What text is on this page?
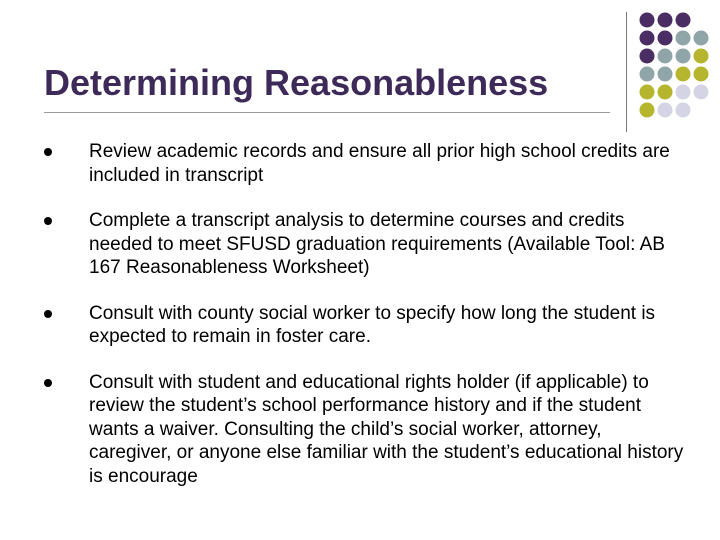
Determining Reasonableness
Review academic records and ensure all prior high school credits are included in transcript
Complete a transcript analysis to determine courses and credits needed to meet SFUSD graduation requirements (Available Tool: AB 167 Reasonableness Worksheet)
Consult with county social worker to specify how long the student is expected to remain in foster care.
Consult with student and educational rights holder (if applicable) to review the student’s school performance history and if the student wants a waiver. Consulting the child’s social worker, attorney, caregiver, or anyone else familiar with the student’s educational history is encourage
